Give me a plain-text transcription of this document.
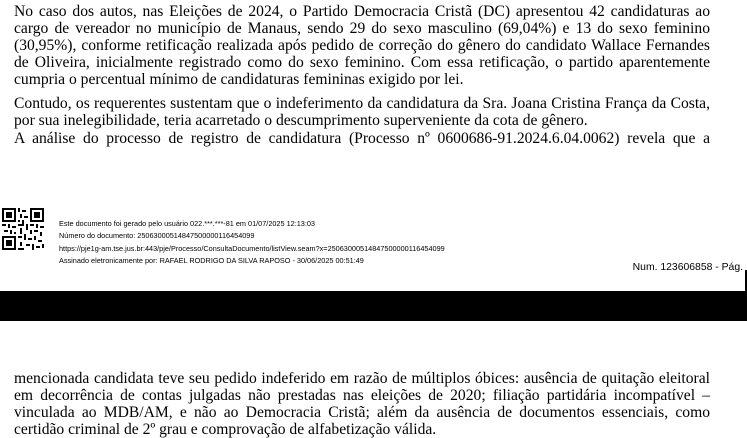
No caso dos autos, nas Eleições de 2024, o Partido Democracia Cristã (DC) apresentou 42 candidaturas ao cargo de vereador no município de Manaus, sendo 29 do sexo masculino (69,04%) e 13 do sexo feminino (30,95%), conforme retificação realizada após pedido de correção do gênero do candidato Wallace Fernandes de Oliveira, inicialmente registrado como do sexo feminino. Com essa retificação, o partido aparentemente cumpria o percentual mínimo de candidaturas femininas exigido por lei.

Contudo, os requerentes sustentam que o indeferimento da candidatura da Sra. Joana Cristina França da Costa, por sua inelegibilidade, teria acarretado o descumprimento superveniente da cota de gênero.

A análise do processo de registro de candidatura (Processo nº 0600686-91.2024.6.04.0062) revela que a

Este documento foi gerado pelo usuário 022.***.***-81 em 01/07/2025 12:13:03
Número do documento: 25063000514847500000116454099
https://pje1g-am.tse.jus.br:443/pje/Processo/ConsultaDocumento/listView.seam?x=25063000514847500000116454099
Assinado eletronicamente por: RAFAEL RODRIGO DA SILVA RAPOSO - 30/06/2025 00:51:49
Num. 123606858 - Pág.

mencionada candidata teve seu pedido indeferido em razão de múltiplos óbices: ausência de quitação eleitoral em decorrência de contas julgadas não prestadas nas eleições de 2020; filiação partidária incompatível – vinculada ao MDB/AM, e não ao Democracia Cristã; além da ausência de documentos essenciais, como certidão criminal de 2º grau e comprovação de alfabetização válida.
